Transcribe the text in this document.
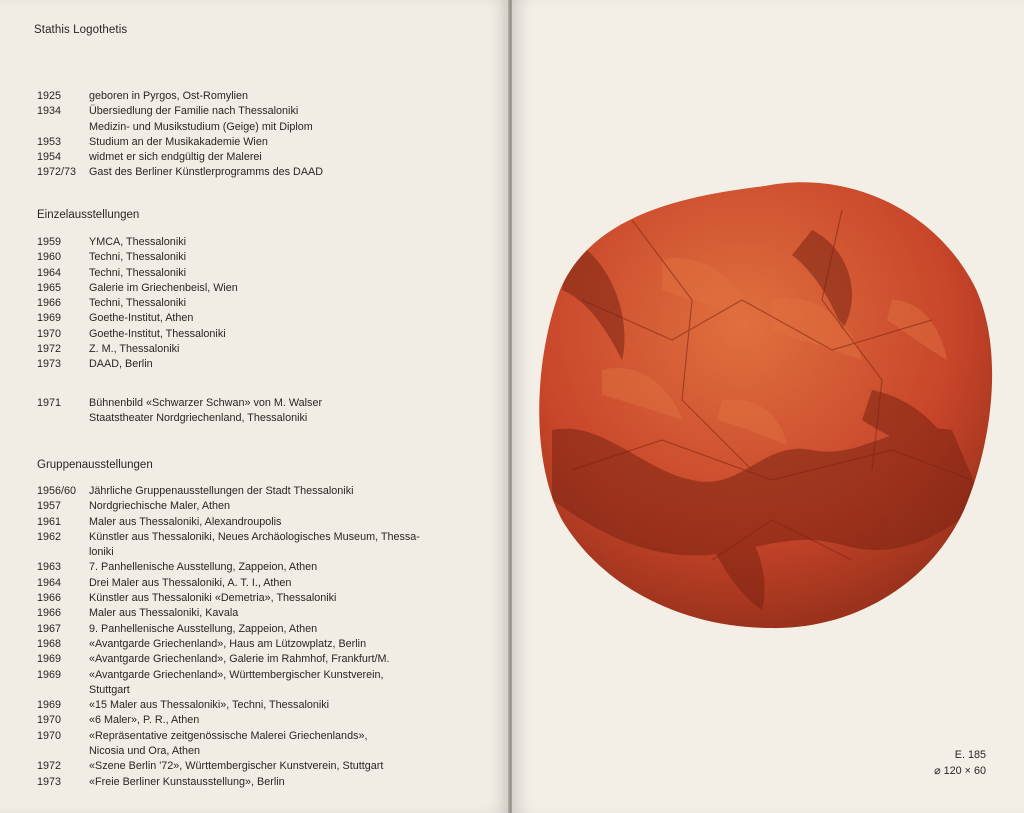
Stathis Logothetis
1925	geboren in Pyrgos, Ost-Romylien
1934	Übersiedlung der Familie nach Thessaloniki
Medizin- und Musikstudium (Geige) mit Diplom
1953	Studium an der Musikakademie Wien
1954	widmet er sich endgültig der Malerei
1972/73	Gast des Berliner Künstlerprogramms des DAAD
Einzelausstellungen
1959	YMCA, Thessaloniki
1960	Techni, Thessaloniki
1964	Techni, Thessaloniki
1965	Galerie im Griechenbeisl, Wien
1966	Techni, Thessaloniki
1969	Goethe-Institut, Athen
1970	Goethe-Institut, Thessaloniki
1972	Z. M., Thessaloniki
1973	DAAD, Berlin
1971	Bühnenbild «Schwarzer Schwan» von M. Walser
Staatstheater Nordgriechenland, Thessaloniki
Gruppenausstellungen
1956/60	Jährliche Gruppenausstellungen der Stadt Thessaloniki
1957	Nordgriechische Maler, Athen
1961	Maler aus Thessaloniki, Alexandroupolis
1962	Künstler aus Thessaloniki, Neues Archäologisches Museum, Thessa-
loniki
1963	7. Panhellenische Ausstellung, Zappeion, Athen
1964	Drei Maler aus Thessaloniki, A. T. I., Athen
1966	Künstler aus Thessaloniki «Demetria», Thessaloniki
1966	Maler aus Thessaloniki, Kavala
1967	9. Panhellenische Ausstellung, Zappeion, Athen
1968	«Avantgarde Griechenland», Haus am Lützowplatz, Berlin
1969	«Avantgarde Griechenland», Galerie im Rahmhof, Frankfurt/M.
1969	«Avantgarde Griechenland», Württembergischer Kunstverein,
Stuttgart
1969	«15 Maler aus Thessaloniki», Techni, Thessaloniki
1970	«6 Maler», P. R., Athen
1970	«Repräsentative zeitgenössische Malerei Griechenlands»,
Nicosia und Ora, Athen
1972	«Szene Berlin '72», Württembergischer Kunstverein, Stuttgart
1973	«Freie Berliner Kunstausstellung», Berlin
E. 185
⌀ 120 × 60
